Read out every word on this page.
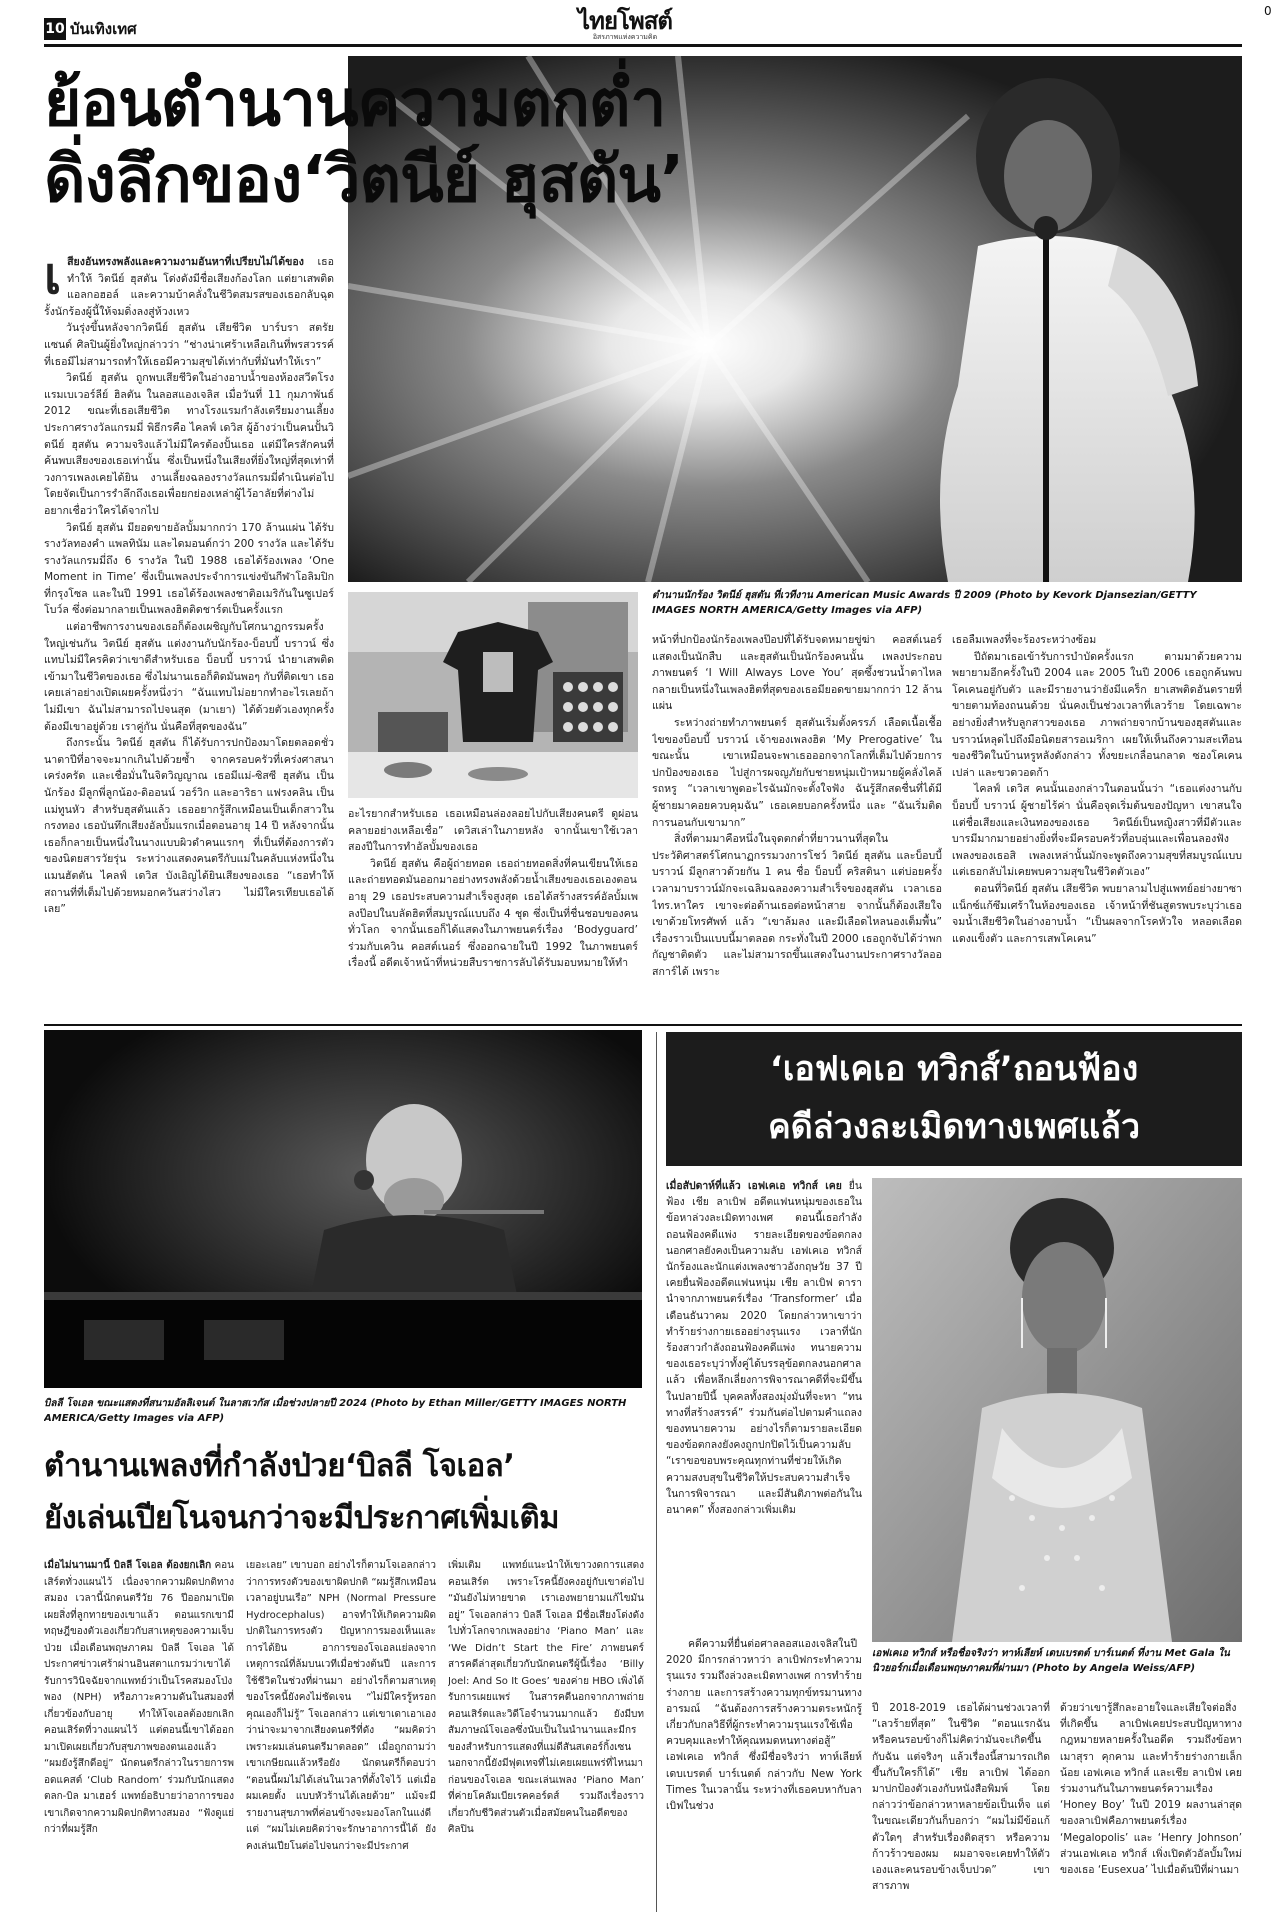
10 บันเทิงเทศ	ไทยโพสต์
อิสรภาพแห่งความคิด
0
ย้อนตำนานความตกต่ำ
ดิ่งลึกของ‘วิตนีย์ ฮุสตัน’
เ สียงอันทรงพลังและความงามอันหาที่เปรียบไม่ได้ของ เธอ ทำให้ วิตนีย์ ฮุสตัน โด่งดังมีชื่อเสียงก้องโลก แต่ยาเสพติด แอลกอฮอล์ และความบ้าคลั่งในชีวิตสมรสของเธอกลับฉุดรั้งนักร้องผู้นี้ให้จมดิ่งลงสู่ห้วงเหว

วันรุ่งขึ้นหลังจากวิตนีย์ ฮุสตัน เสียชีวิต บาร์บรา สตรัยแซนด์ ศิลปินผู้ยิ่งใหญ่กล่าวว่า “ช่างน่าเศร้าเหลือเกินที่พรสวรรค์ที่เธอมีไม่สามารถทำให้เธอมีความสุขได้เท่ากับที่มันทำให้เรา”

วิตนีย์ ฮุสตัน ถูกพบเสียชีวิตในอ่างอาบน้ำของห้องสวีตโรงแรมเบเวอร์ลีย์ ฮิลตัน ในลอสแองเจลิส เมื่อวันที่ 11 กุมภาพันธ์ 2012 ขณะที่เธอเสียชีวิต ทางโรงแรมกำลังเตรียมงานเลี้ยงประกาศรางวัลแกรมมี่ พิธีกรคือ ไคลฟ์ เดวิส ผู้อ้างว่าเป็นคนปั้นวิตนีย์ ฮุสตัน ความจริงแล้วไม่มีใครต้องปั้นเธอ แต่มีใครสักคนที่ค้นพบเสียงของเธอเท่านั้น ซึ่งเป็นหนึ่งในเสียงที่ยิ่งใหญ่ที่สุดเท่าที่วงการเพลงเคยได้ยิน งานเลี้ยงฉลองรางวัลแกรมมี่ดำเนินต่อไปโดยจัดเป็นการรำลึกถึงเธอเพื่อยกย่องเหล่าผู้ไว้อาลัยที่ต่างไม่อยากเชื่อว่าใครได้จากไป

วิตนีย์ ฮุสตัน มียอดขายอัลบั้มมากกว่า 170 ล้านแผ่น ได้รับรางวัลทองคำ แพลทินัม และไดมอนด์กว่า 200 รางวัล และได้รับรางวัลแกรมมี่ถึง 6 รางวัล ในปี 1988 เธอได้ร้องเพลง ‘One Moment in Time’ ซึ่งเป็นเพลงประจำการแข่งขันกีฬาโอลิมปิกที่กรุงโซล และในปี 1991 เธอได้ร้องเพลงชาติอเมริกันในซูเปอร์โบว์ล ซึ่งต่อมากลายเป็นเพลงฮิตติดชาร์ตเป็นครั้งแรก

แต่อาชีพการงานของเธอก็ต้องเผชิญกับโศกนาฏกรรมครั้งใหญ่เช่นกัน วิตนีย์ ฮุสตัน แต่งงานกับนักร้อง-บ็อบบี้ บราวน์ ซึ่งแทบไม่มีใครคิดว่าเขาดีสำหรับเธอ บ็อบบี้ บราวน์ นำยาเสพติดเข้ามาในชีวิตของเธอ ซึ่งไม่นานเธอก็ติดมันพอๆ กับที่ติดเขา เธอเคยเล่าอย่างเปิดเผยครั้งหนึ่งว่า “ฉันแทบไม่อยากทำอะไรเลยถ้าไม่มีเขา ฉันไม่สามารถไปจนสุด (มาเยา) ได้ด้วยตัวเองทุกครั้งต้องมีเขาอยู่ด้วย เราคู่กัน นั่นคือที่สุดของฉัน”

ถึงกระนั้น วิตนีย์ ฮุสตัน ก็ได้รับการปกป้องมาโดยตลอดชั่วนาตาปีที่อาจจะมากเกินไปด้วยซ้ำ จากครอบครัวที่เคร่งศาสนาเคร่งครัด และเชื่อมั่นในจิตวิญญาณ เธอมีแม่-ซิสซี ฮุสตัน เป็นนักร้อง มีลูกพี่ลูกน้อง-ดิออนน์ วอร์วิก และอาริธา แฟรงคลิน เป็นแม่ทูนหัว สำหรับฮุสตันแล้ว เธออยากรู้สึกเหมือนเป็นเด็กสาวในกรงทอง เธอบันทึกเสียงอัลบั้มแรกเมื่อตอนอายุ 14 ปี หลังจากนั้นเธอก็กลายเป็นหนึ่งในนางแบบผิวดำคนแรกๆ ที่เป็นที่ต้องการตัวของนิตยสารวัยรุ่น ระหว่างแสดงคนตรีกับแม่ในคลับแห่งหนึ่งในแมนฮัตตัน ไคลฟ์ เดวิส บังเอิญได้ยินเสียงของเธอ “เธอทำให้สถานที่ที่เต็มไปด้วยหมอกควันสว่างไสว ไม่มีใครเทียบเธอได้เลย”

ตำนานนักร้อง วิตนีย์ ฮุสตัน ที่เวทีงาน American Music Awards ปี 2009 (Photo by Kevork Djansezian/GETTY IMAGES NORTH AMERICA/Getty Images via AFP)

อะไรยากสำหรับเธอ เธอเหมือนล่องลอยไปกับเสียงคนตรี ดูผ่อนคลายอย่างเหลือเชื่อ” เดวิสเล่าในภายหลัง จากนั้นเขาใช้เวลาสองปีในการทำอัลบั้มของเธอ

วิตนีย์ ฮุสตัน คือผู้ถ่ายทอด เธอถ่ายทอดสิ่งที่คนเขียนให้เธอและถ่ายทอดมันออกมาอย่างทรงพลังด้วยน้ำเสียงของเธอเองตอนอายุ 29 เธอประสบความสำเร็จสูงสุด เธอได้สร้างสรรค์อัลบั้มเพลงป๊อปในบลัดฮิตที่สมบูรณ์แบบถึง 4 ชุด ซึ่งเป็นที่ชื่นชอบของคนทั่วโลก จากนั้นเธอก็ได้แสดงในภาพยนตร์เรื่อง ‘Bodyguard’ ร่วมกับเควิน คอสต์เนอร์ ซึ่งออกฉายในปี 1992 ในภาพยนตร์เรื่องนี้ อดีตเจ้าหน้าที่หน่วยสืบราชการลับได้รับมอบหมายให้ทำ

หน้าที่ปกป้องนักร้องเพลงป๊อปที่ได้รับจดหมายขู่ฆ่า คอสต์เนอร์แสดงเป็นนักสืบ และฮุสตันเป็นนักร้องคนนั้น เพลงประกอบภาพยนตร์ ‘I Will Always Love You’ สุดซึ้งชวนน้ำตาไหล กลายเป็นหนึ่งในเพลงฮิตที่สุดของเธอมียอดขายมากกว่า 12 ล้านแผ่น

ระหว่างถ่ายทำภาพยนตร์ ฮุสตันเริ่มตั้งครรภ์ เลือดเนื้อเชื้อไขของบ็อบบี้ บราวน์ เจ้าของเพลงฮิต ‘My Prerogative’ ในขณะนั้น เขาเหมือนจะพาเธอออกจากโลกที่เต็มไปด้วยการปกป้องของเธอ ไปสู่การผจญภัยกับชายหนุ่มเป้าหมายผู้คลั่งไคล้รถหรู “เวลาเขาพูดอะไรฉันมักจะตั้งใจฟัง ฉันรู้สึกสดชื่นที่ได้มีผู้ชายมาคอยควบคุมฉัน” เธอเคยบอกครั้งหนึ่ง และ “ฉันเริ่มติดการนอนกับเขามาก”

สิ่งที่ตามมาคือหนึ่งในจุดตกต่ำที่ยาวนานที่สุดในประวัติศาสตร์โศกนาฏกรรมวงการโชว์ วิตนีย์ ฮุสตัน และบ็อบบี้ บราวน์ มีลูกสาวด้วยกัน 1 คน ชื่อ บ็อบบี้ คริสตินา แต่บ่อยครั้งเวลามาบราวน์มักจะเฉลิมฉลองความสำเร็จของฮุสตัน เวลาเธอไทร.หาใคร เขาจะต่อต้านเธอต่อหน้าสาย จากนั้นก็ต้องเสียใจเขาด้วยโทรศัพท์ แล้ว “เขาล้มลง และมีเลือดไหลนองเต็มพื้น” เรื่องราวเป็นแบบนี้มาตลอด กระทั่งในปี 2000 เธอถูกจับได้ว่าพกกัญชาติดตัว และไม่สามารถขึ้นแสดงในงานประกาศรางวัลออสการ์ได้ เพราะ

เธอลืมเพลงที่จะร้องระหว่างซ้อม

ปีถัดมาเธอเข้ารับการบำบัดครั้งแรก ตามมาด้วยความพยายามอีกครั้งในปี 2004 และ 2005 ในปี 2006 เธอถูกค้นพบโคเคนอยู่กับตัว และมีรายงานว่ายังมีแคร็ก ยาเสพติดอันตรายที่ขายตามท้องถนนด้วย นั่นคงเป็นช่วงเวลาที่เลวร้าย โดยเฉพาะอย่างยิ่งสำหรับลูกสาวของเธอ ภาพถ่ายจากบ้านของฮุสตันและบราวน์หลุดไปถึงมือนิตยสารอเมริกา เผยให้เห็นถึงความสะเทือนของชีวิตในบ้านหรูหลังดังกล่าว ทั้งขยะเกลื่อนกลาด ซองโคเคนเปล่า และขวดวอดก้า

ไคลฟ์ เดวิส คนนั้นเองกล่าวในตอนนั้นว่า “เธอแต่งงานกับบ็อบบี้ บราวน์ ผู้ชายไร้ค่า นั่นคือจุดเริ่มต้นของปัญหา เขาสนใจแต่ชื่อเสียงและเงินทองของเธอ วิตนีย์เป็นหญิงสาวที่มีตัวและบารมีมากมายอย่างยิ่งที่จะมีครอบครัวที่อบอุ่นและเพื่อนลองฟังเพลงของเธอสิ เพลงเหล่านั้นมักจะพูดถึงความสุขที่สมบูรณ์แบบ แต่เธอกลับไม่เคยพบความสุขในชีวิตตัวเอง”

ตอนที่วิตนีย์ ฮุสตัน เสียชีวิต พบยาลามไปสู่แพทย์อย่างยาซาแน็กซ์แก้ซึมเศร้าในห้องของเธอ เจ้าหน้าที่ชันสูตรพบระบุว่าเธอจมน้ำเสียชีวิตในอ่างอาบน้ำ “เป็นผลจากโรคหัวใจ หลอดเลือดแดงแข็งตัว และการเสพโคเคน”

บิลลี โจเอล ขณะแสดงที่สนามอัลลิเจนต์ ในลาสเวกัส เมื่อช่วงปลายปี 2024 (Photo by Ethan Miller/GETTY IMAGES NORTH AMERICA/Getty Images via AFP)
ตำนานเพลงที่กำลังป่วย‘บิลลี โจเอล’
ยังเล่นเปียโนจนกว่าจะมีประกาศเพิ่มเติม

เมื่อไม่นานมานี้ บิลลี โจเอล ต้องยกเลิก คอนเสิร์ตทั่วงแผนไว้ เนื่องจากความผิดปกติทางสมอง เวลานี้นักดนตรีวัย 76 ปีออกมาเปิดเผยสิ่งที่ลูกทายของเขาแล้ว ตอนแรกเขามีทฤษฎีของตัวเองเกี่ยวกับสาเหตุของความเจ็บป่วย เมื่อเดือนพฤษภาคม บิลลี โจเอล ได้ประกาศข่าวเศร้าผ่านอินสตาแกรมว่าเขาได้รับการวินิจฉัยจากแพทย์ว่าเป็นโรคสมองโป่งพอง (NPH) หรือภาวะความดันในสมองที่เกี่ยวข้องกับอายุ ทำให้โจเอลต้องยกเลิกคอนเสิร์ตที่วางแผนไว้ แต่ตอนนี้เขาได้ออกมาเปิดเผยเกี่ยวกับสุขภาพของตนเองแล้ว “ผมยังรู้สึกดีอยู่” นักดนตรีกล่าวในรายการพอดแคสต์ ‘Club Random’ ร่วมกับนักแสดงตลก-บิล มาเฮอร์ แพทย์อธิบายว่าอาการของเขาเกิดจากความผิดปกติทางสมอง “ฟังดูแย่กว่าที่ผมรู้สึก

เยอะเลย” เขาบอก อย่างไรก็ตามโจเอลกล่าวว่าการทรงตัวของเขาผิดปกติ “ผมรู้สึกเหมือนเวลาอยู่บนเรือ” NPH (Normal Pressure Hydrocephalus) อาจทำให้เกิดความผิดปกติในการทรงตัว ปัญหาการมองเห็นและการได้ยิน อาการของโจเอลแย่ลงจากเหตุการณ์ที่ล้มบนเวทีเมื่อช่วงต้นปี และการใช้ชีวิตในช่วงที่ผ่านมา อย่างไรก็ตามสาเหตุของโรคนี้ยังคงไม่ชัดเจน “ไม่มีใครรู้หรอก คุณเองก็ไม่รู้” โจเอลกล่าว แต่เขาเดาเอาเองว่าน่าจะมาจากเสียงดนตรีที่ดัง “ผมคิดว่าเพราะผมเล่นดนตรีมาตลอด” เมื่อถูกถามว่าเขาเกษียณแล้วหรือยัง นักดนตรีก็ตอบว่า “ตอนนี้ผมไม่ได้เล่นในเวลาที่ตั้งใจไว้ แต่เมื่อผมเคยตั้ง แบบหัวร้านได้เลยด้วย” แม้จะมีรายงานสุขภาพที่ค่อนข้างจะมองโลกในแง่ดี แต่ “ผมไม่เคยคิดว่าจะรักษาอาการนี้ได้ ยังคงเล่นเปียโนต่อไปจนกว่าจะมีประกาศ

เพิ่มเติม แพทย์แนะนำให้เขาวงดการแสดงคอนเสิร์ต เพราะโรคนี้ยังคงอยู่กับเขาต่อไป “มันยังไม่หายขาด เราเองพยายามแก้ไขมันอยู่” โจเอลกล่าว บิลลี โจเอล มีชื่อเสียงโด่งดังไปทั่วโลกจากเพลงอย่าง ‘Piano Man’ และ ‘We Didn’t Start the Fire’ ภาพยนตร์สารคดีล่าสุดเกี่ยวกับนักดนตรีผู้นี้เรื่อง ‘Billy Joel: And So It Goes’ ของค่าย HBO เพิ่งได้รับการเผยแพร่ ในสารคดีนอกจากภาพถ่ายคอนเสิร์ตและวิดีโอจำนวนมากแล้ว ยังมีบทสัมภาษณ์โจเอลซึ่งนับเป็นในนำนานและมีกรของสำหรับการแสดงที่แม่ดีสันสเตอร์กิ้งเซน นอกจากนี้ยังมีฟุตเทจที่ไม่เคยเผยแพร่ที่ไหนมาก่อนของโจเอล ขณะเล่นเพลง ‘Piano Man’ ที่ค่ายโคลัมเบียเรคคอร์ดส์ รวมถึงเรื่องราวเกี่ยวกับชีวิตส่วนตัวเมื่อสมัยคนในอดีตของศิลปิน

‘เอฟเคเอ ทวิกส์’ถอนฟ้อง
คดีล่วงละเมิดทางเพศแล้ว

เมื่อสัปดาห์ที่แล้ว เอฟเคเอ ทวิกส์ เคย ยื่นฟ้อง เชีย ลาเบิฟ อดีตแฟนหนุ่มของเธอในข้อหาล่วงละเมิดทางเพศ ตอนนี้เธอกำลังถอนฟ้องคดีแพ่ง รายละเอียดของข้อตกลงนอกศาลยังคงเป็นความลับ เอฟเคเอ ทวิกส์ นักร้องและนักแต่งเพลงชาวอังกฤษวัย 37 ปี เคยยื่นฟ้องอดีตแฟนหนุ่ม เชีย ลาเบิฟ ดารานำจากภาพยนตร์เรื่อง ‘Transformer’ เมื่อเดือนธันวาคม 2020 โดยกล่าวหาเขาว่าทำร้ายร่างกายเธออย่างรุนแรง เวลาที่นักร้องสาวกำลังถอนฟ้องคดีแพ่ง ทนายความของเธอระบุว่าทั้งคู่ได้บรรลุข้อตกลงนอกศาลแล้ว เพื่อหลีกเลี่ยงการพิจารณาคดีที่จะมีขึ้นในปลายปีนี้ บุคคลทั้งสองมุ่งมั่นที่จะหา “ทนทางที่สร้างสรรค์” ร่วมกันต่อไปตามคำแถลงของทนายความ อย่างไรก็ตามรายละเอียดของข้อตกลงยังคงถูกปกปิดไว้เป็นความลับ “เราขอขอบพระคุณทุกท่านที่ช่วยให้เกิดความสงบสุขในชีวิตให้ประสบความสำเร็จในการพิจารณา และมีสันติภาพต่อกันในอนาคต” ทั้งสองกล่าวเพิ่มเติม

เอฟเคเอ ทวิกส์ หรือชื่อจริงว่า ทาห์เลียห์ เดบเบรตต์ บาร์เนตต์ ที่งาน Met Gala ในนิวยอร์กเมื่อเดือนพฤษภาคมที่ผ่านมา (Photo by Angela Weiss/AFP)

คดีความที่ยื่นต่อศาลลอสแองเจลิสในปี 2020 มีการกล่าวหาว่า ลาเบิฟกระทำความรุนแรง รวมถึงล่วงละเมิดทางเพศ การทำร้ายร่างกาย และการสร้างความทุกข์ทรมานทางอารมณ์ “ฉันต้องการสร้างความตระหนักรู้เกี่ยวกับกลวิธีที่ผู้กระทำความรุนแรงใช้เพื่อควบคุมและทำให้คุณหมดหนทางต่อสู้” เอฟเคเอ ทวิกส์ ซึ่งมีชื่อจริงว่า ทาห์เลียห์ เดบเบรตต์ บาร์เนตต์ กล่าวกับ New York Times ในเวลานั้น ระหว่างที่เธอคบหากับลาเบิฟในช่วง

ปี 2018-2019 เธอได้ผ่านช่วงเวลาที่ “เลวร้ายที่สุด” ในชีวิต “ตอนแรกฉันหรือคนรอบข้างก็ไม่คิดว่ามันจะเกิดขึ้นกับฉัน แต่จริงๆ แล้วเรื่องนี้สามารถเกิดขึ้นกับใครก็ได้” เชีย ลาเบิฟ ได้ออกมาปกป้องตัวเองกับหนังสือพิมพ์ โดยกล่าวว่าข้อกล่าวหาหลายข้อเป็นเท็จ แต่ในขณะเดียวกันก็บอกว่า “ผมไม่มีข้อแก้ตัวใดๆ สำหรับเรื่องติดสุรา หรือความก้าวร้าวของผม ผมอาจจะเคยทำให้ตัวเองและคนรอบข้างเจ็บปวด” เขาสารภาพ

ด้วยว่าเขารู้สึกละอายใจและเสียใจต่อสิ่งที่เกิดขึ้น ลาเบิฟเคยประสบปัญหาทางกฎหมายหลายครั้งในอดีต รวมถึงข้อหาเมาสุรา คุกคาม และทำร้ายร่างกายเล็กน้อย เอฟเคเอ ทวิกส์ และเชีย ลาเบิฟ เคยร่วมงานกันในภาพยนตร์ความเรื่อง ‘Honey Boy’ ในปี 2019 ผลงานล่าสุดของลาเบิฟคือภาพยนตร์เรื่อง ‘Megalopolis’ และ ‘Henry Johnson’ ส่วนเอฟเคเอ ทวิกส์ เพิ่งเปิดตัวอัลบั้มใหม่ของเธอ ‘Eusexua’ ไปเมื่อต้นปีที่ผ่านมา
